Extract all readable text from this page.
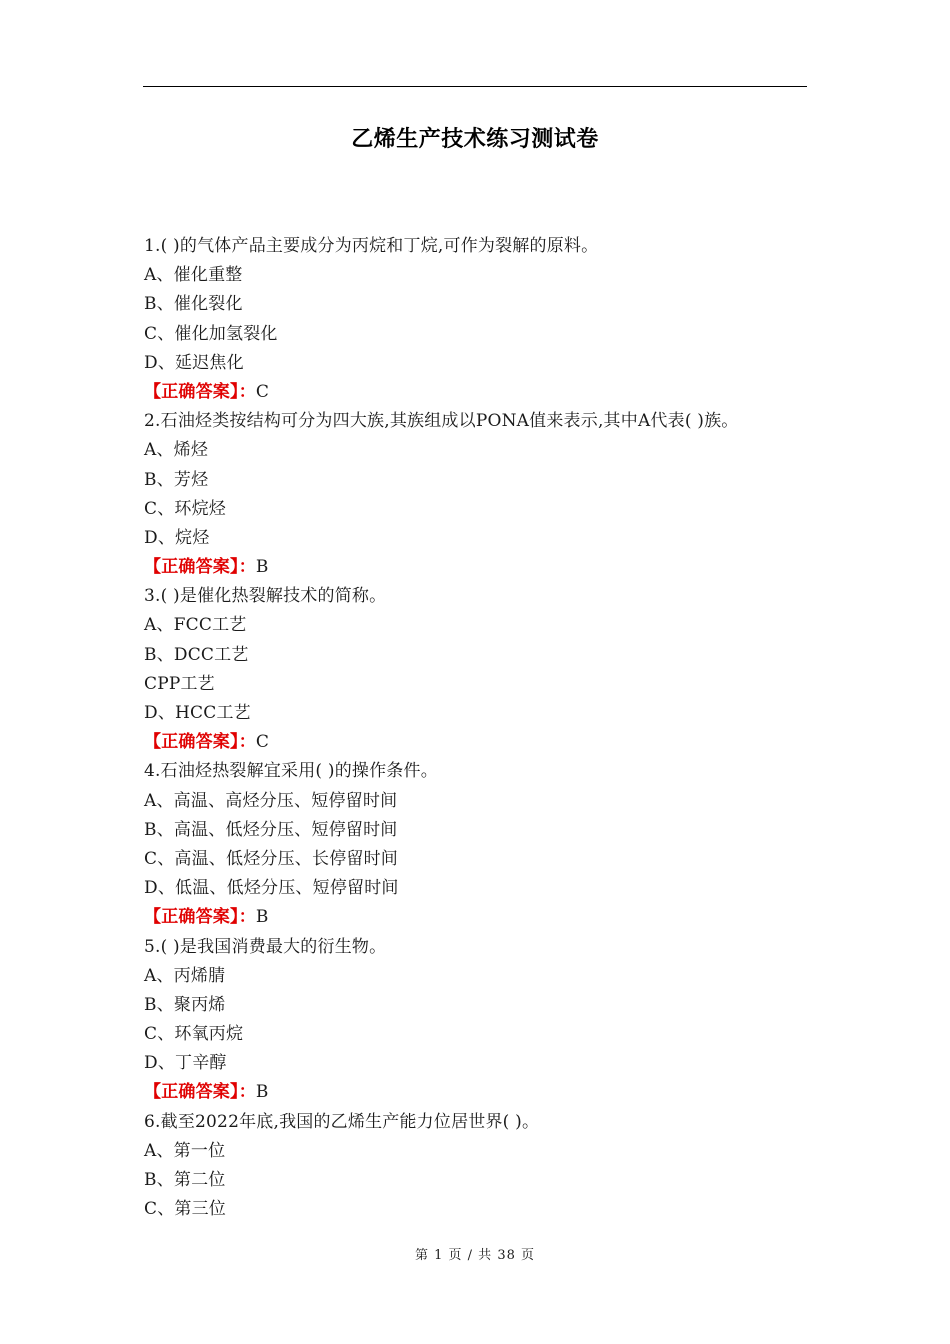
乙烯生产技术练习测试卷
1.( )的气体产品主要成分为丙烷和丁烷,可作为裂解的原料。
A、催化重整
B、催化裂化
C、催化加氢裂化
D、延迟焦化
【正确答案】：C
2.石油烃类按结构可分为四大族,其族组成以PONA值来表示,其中A代表( )族。
A、烯烃
B、芳烃
C、环烷烃
D、烷烃
【正确答案】：B
3.( )是催化热裂解技术的简称。
A、FCC工艺
B、DCC工艺
CPP工艺
D、HCC工艺
【正确答案】：C
4.石油烃热裂解宜采用( )的操作条件。
A、高温、高烃分压、短停留时间
B、高温、低烃分压、短停留时间
C、高温、低烃分压、长停留时间
D、低温、低烃分压、短停留时间
【正确答案】：B
5.( )是我国消费最大的衍生物。
A、丙烯腈
B、聚丙烯
C、环氧丙烷
D、丁辛醇
【正确答案】：B
6.截至2022年底,我国的乙烯生产能力位居世界( )。
A、第一位
B、第二位
C、第三位
第 1 页 / 共 38 页
